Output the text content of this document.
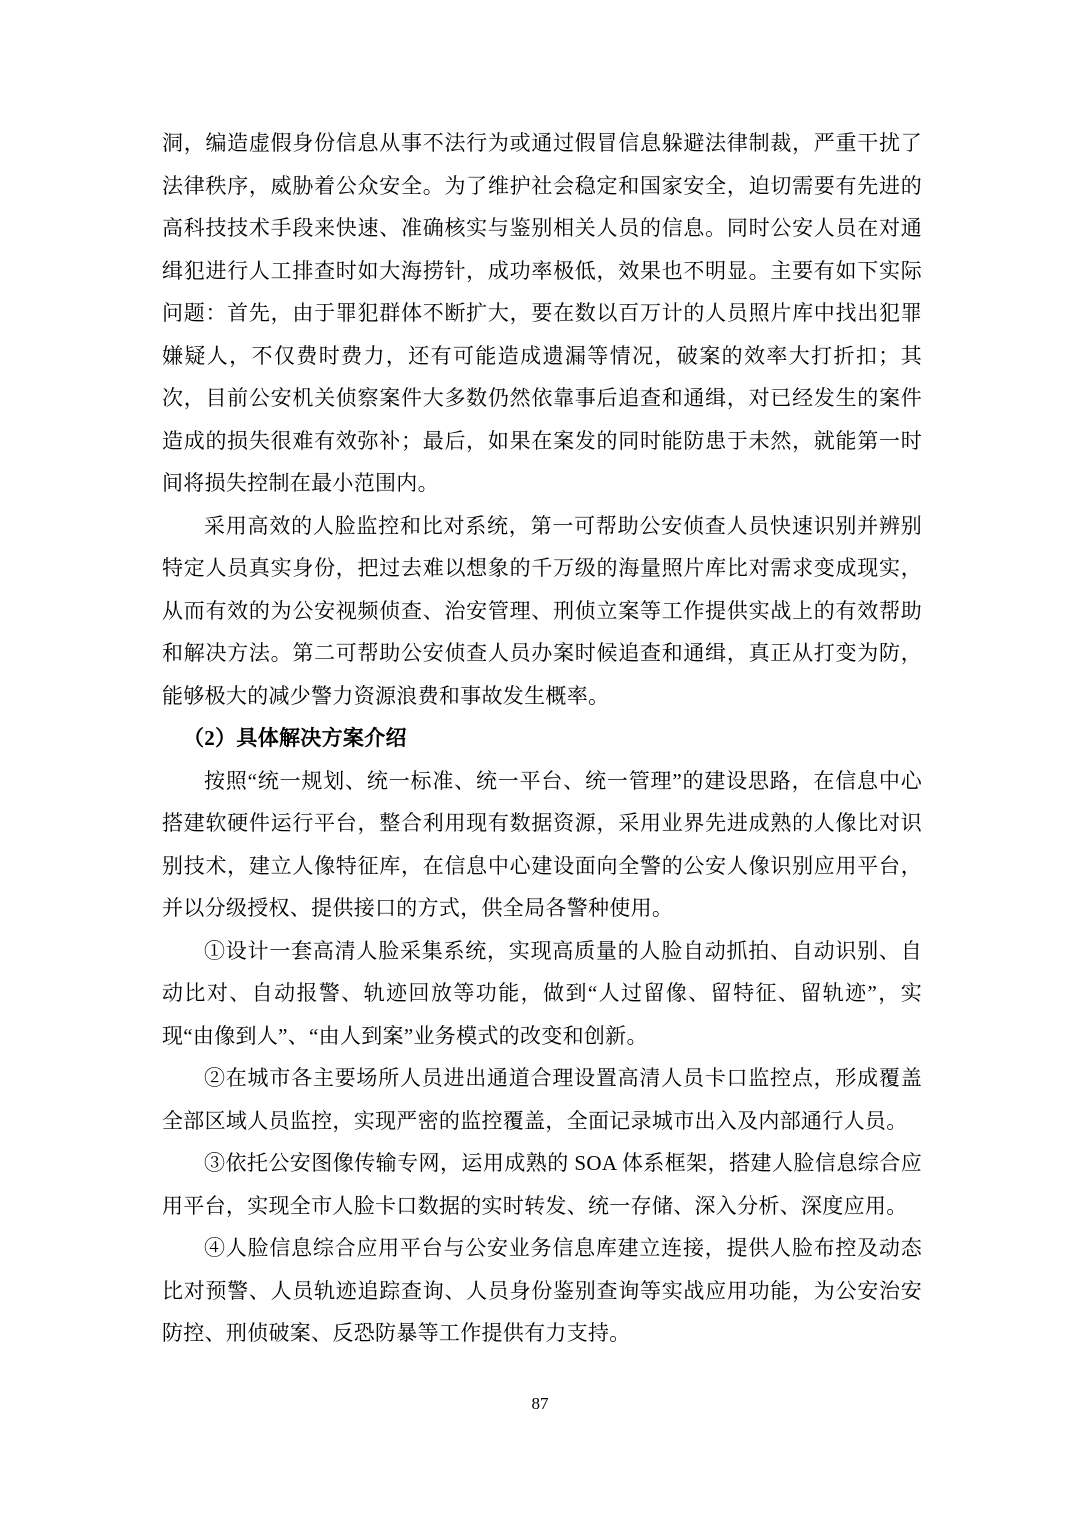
洞，编造虚假身份信息从事不法行为或通过假冒信息躲避法律制裁，严重干扰了法律秩序，威胁着公众安全。为了维护社会稳定和国家安全，迫切需要有先进的高科技技术手段来快速、准确核实与鉴别相关人员的信息。同时公安人员在对通缉犯进行人工排查时如大海捞针，成功率极低，效果也不明显。主要有如下实际问题：首先，由于罪犯群体不断扩大，要在数以百万计的人员照片库中找出犯罪嫌疑人，不仅费时费力，还有可能造成遗漏等情况，破案的效率大打折扣；其次，目前公安机关侦察案件大多数仍然依靠事后追查和通缉，对已经发生的案件造成的损失很难有效弥补；最后，如果在案发的同时能防患于未然，就能第一时间将损失控制在最小范围内。

采用高效的人脸监控和比对系统，第一可帮助公安侦查人员快速识别并辨别特定人员真实身份，把过去难以想象的千万级的海量照片库比对需求变成现实，从而有效的为公安视频侦查、治安管理、刑侦立案等工作提供实战上的有效帮助和解决方法。第二可帮助公安侦查人员办案时候追查和通缉，真正从打变为防，能够极大的减少警力资源浪费和事故发生概率。

（2）具体解决方案介绍

按照“统一规划、统一标准、统一平台、统一管理”的建设思路，在信息中心搭建软硬件运行平台，整合利用现有数据资源，采用业界先进成熟的人像比对识别技术，建立人像特征库，在信息中心建设面向全警的公安人像识别应用平台，并以分级授权、提供接口的方式，供全局各警种使用。

①设计一套高清人脸采集系统，实现高质量的人脸自动抓拍、自动识别、自动比对、自动报警、轨迹回放等功能，做到“人过留像、留特征、留轨迹”，实现“由像到人”、“由人到案”业务模式的改变和创新。

②在城市各主要场所人员进出通道合理设置高清人员卡口监控点，形成覆盖全部区域人员监控，实现严密的监控覆盖，全面记录城市出入及内部通行人员。

③依托公安图像传输专网，运用成熟的 SOA 体系框架，搭建人脸信息综合应用平台，实现全市人脸卡口数据的实时转发、统一存储、深入分析、深度应用。

④人脸信息综合应用平台与公安业务信息库建立连接，提供人脸布控及动态比对预警、人员轨迹追踪查询、人员身份鉴别查询等实战应用功能，为公安治安防控、刑侦破案、反恐防暴等工作提供有力支持。

87
